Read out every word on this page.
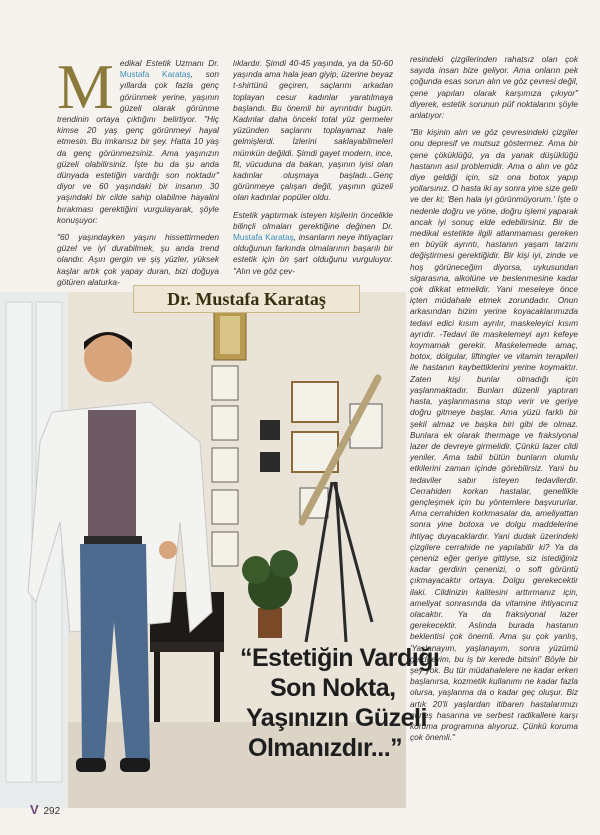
M edikal Estetik Uzmanı Dr. Mustafa Karataş, son yıllarda çok fazla genç görünmek yerine, yaşının güzeli olarak görünme trendinin ortaya çıktığını belirtiyor. "Hiç kimse 20 yaş genç görünmeyi hayal etmesin. Bu imkansız bir şey. Hatta 10 yaş da genç görünmezsiniz. Ama yaşınızın güzeli olabilirsiniz. İşte bu da şu anda dünyada estetiğin vardığı son noktadır" diyor ve 60 yaşındaki bir insanın 30 yaşındaki bir cilde sahip olabilme hayalini bırakması gerektiğini vurgulayarak, şöyle konuşuyor:

"60 yaşındayken yaşını hissettirmeden güzel ve iyi durabilmek, şu anda trend olandır. Aşırı gergin ve şiş yüzler, yüksek kaşlar artık çok yapay duran, bizi doğuya götüren alaturka-

lıklardır. Şimdi 40-45 yaşında, ya da 50-60 yaşında ama hala jean giyip, üzerine beyaz t-shirtünü geçiren, saçlarını arkadan toplayan cesur kadınlar yaratılmaya başlandı. Bu önemli bir ayrıntıdır bugün. Kadınlar daha önceki total yüz germeler yüzünden saçlarını toplayamaz hale gelmişlerdi. İzlerini saklayabilmeleri mümkün değildi. Şimdi gayet modern, ince, fit, vücuduna da bakan, yaşının iyisi olan kadınlar oluşmaya başladı...Genç görünmeye çalışan değil, yaşının güzeli olan kadınlar popüler oldu.

Estetik yaptırmak isteyen kişilerin öncelikle bilinçli olmaları gerektiğine değinen Dr. Mustafa Karataş, insanların neye ihtiyaçları olduğunun farkında olmalarının başarılı bir estetik için ön şart olduğunu vurguluyor. "Alın ve göz çev-

resindeki çizgilerinden rahatsız olan çok sayıda insan bize geliyor. Ama onların pek çoğunda esas sorun alın ve göz çevresi değil, çene yapıları olarak karşımıza çıkıyor" diyerek, estetik sorunun püf noktalarını şöyle anlatıyor:

"Bir kişinin alın ve göz çevresindeki çizgiler onu depresif ve mutsuz göstermez. Ama bir çene çöküklüğü, ya da yanak düşüklüğü hastanın asıl problemidir. Ama o alın ve göz diye geldiği için, siz ona botox yapıp yollarsınız. O hasta iki ay sonra yine size gelir ve der ki; 'Ben hala iyi görünmüyorum.' İşte o nedenle doğru ve yöne, doğru işlemi yaparak ancak iyi sonuç elde edebilirsiniz. Bir de medikal estetikte ilgili atlanmaması gereken en büyük ayrıntı, hastanın yaşam tarzını değiştirmesi gerektiğidir. Bir kişi iyi, zinde ve hoş görüneceğim diyorsa, uykusundan sigarasına, alkolüne ve beslenmesine kadar çok dikkat etmelidir. Yani meseleye önce içten müdahale etmek zorundadır. Onun arkasından bizim yerine koyacaklarımızda tedavi edici kısım ayrılır, maskeleyici kısım ayrıdır. -Tedavi ile maskelemeyi ayrı kefeye koymamak gerekir. Maskelemede amaç, botox, dolgular, liftingler ve vitamin terapileri ile hastanın kaybettiklerini yerine koymaktır. Zaten kişi bunlar olmadığı için yaşlanmaktadır. Bunları düzenli yaptıran hasta, yaşlanmasına stop verir ve geriye doğru gitmeye başlar. Ama yüzü farklı bir şekil almaz ve başka biri gibi de olmaz. Bunlara ek olarak thermage ve fraksiyonal lazer de devreye girmelidir. Çünkü lazer cildi yeniler. Ama tabii bütün bunların olumlu etkilerini zaman içinde görebilirsiz. Yani bu tedaviler sabır isteyen tedavilerdir. Cerrahiden korkan hastalar, genellikle gençleşmek için bu yöntemlere başvururlar. Ama cerrahiden korkmasalar da, ameliyattan sonra yine botoxa ve dolgu maddelerine ihtiyaç duyacaklardır. Yani dudak üzerindeki çizgilere cerrahide ne yapılabilir ki? Ya da çeneniz eğer geriye gittiyse, siz istediğiniz kadar gerdirin çenenizi, o soft görüntü çıkmayacaktır ortaya. Dolgu gerekecektir ilaki. Cildinizin kalitesini arttırmanız için, ameliyat sonrasında da vitamine ihtiyacınız olacaktır. Ya da fraksiyonal lazer gerekecektir. Aslında burada hastanın beklentisi çok önemli. Ama şu çok yanlış, 'Yaşlanayım, yaşlanayım, sonra yüzümü gerdireyim, bu iş bir kerede bitsin!' Böyle bir şey yok. Bu tür müdahalelere ne kadar erken başlanırsa, kozmetik kullanımı ne kadar fazla olursa, yaşlanma da o kadar geç oluşur. Biz artık 20'li yaşlardan itibaren hastalarımızı güneş hasarına ve serbest radikallere karşı koruma programına alıyoruz. Çünkü koruma çok önemli."

Dr. Mustafa Karataş
“Estetiğin Vardığı
Son Nokta,
Yaşınızın Güzeli
Olmanızdır...”
V 292
